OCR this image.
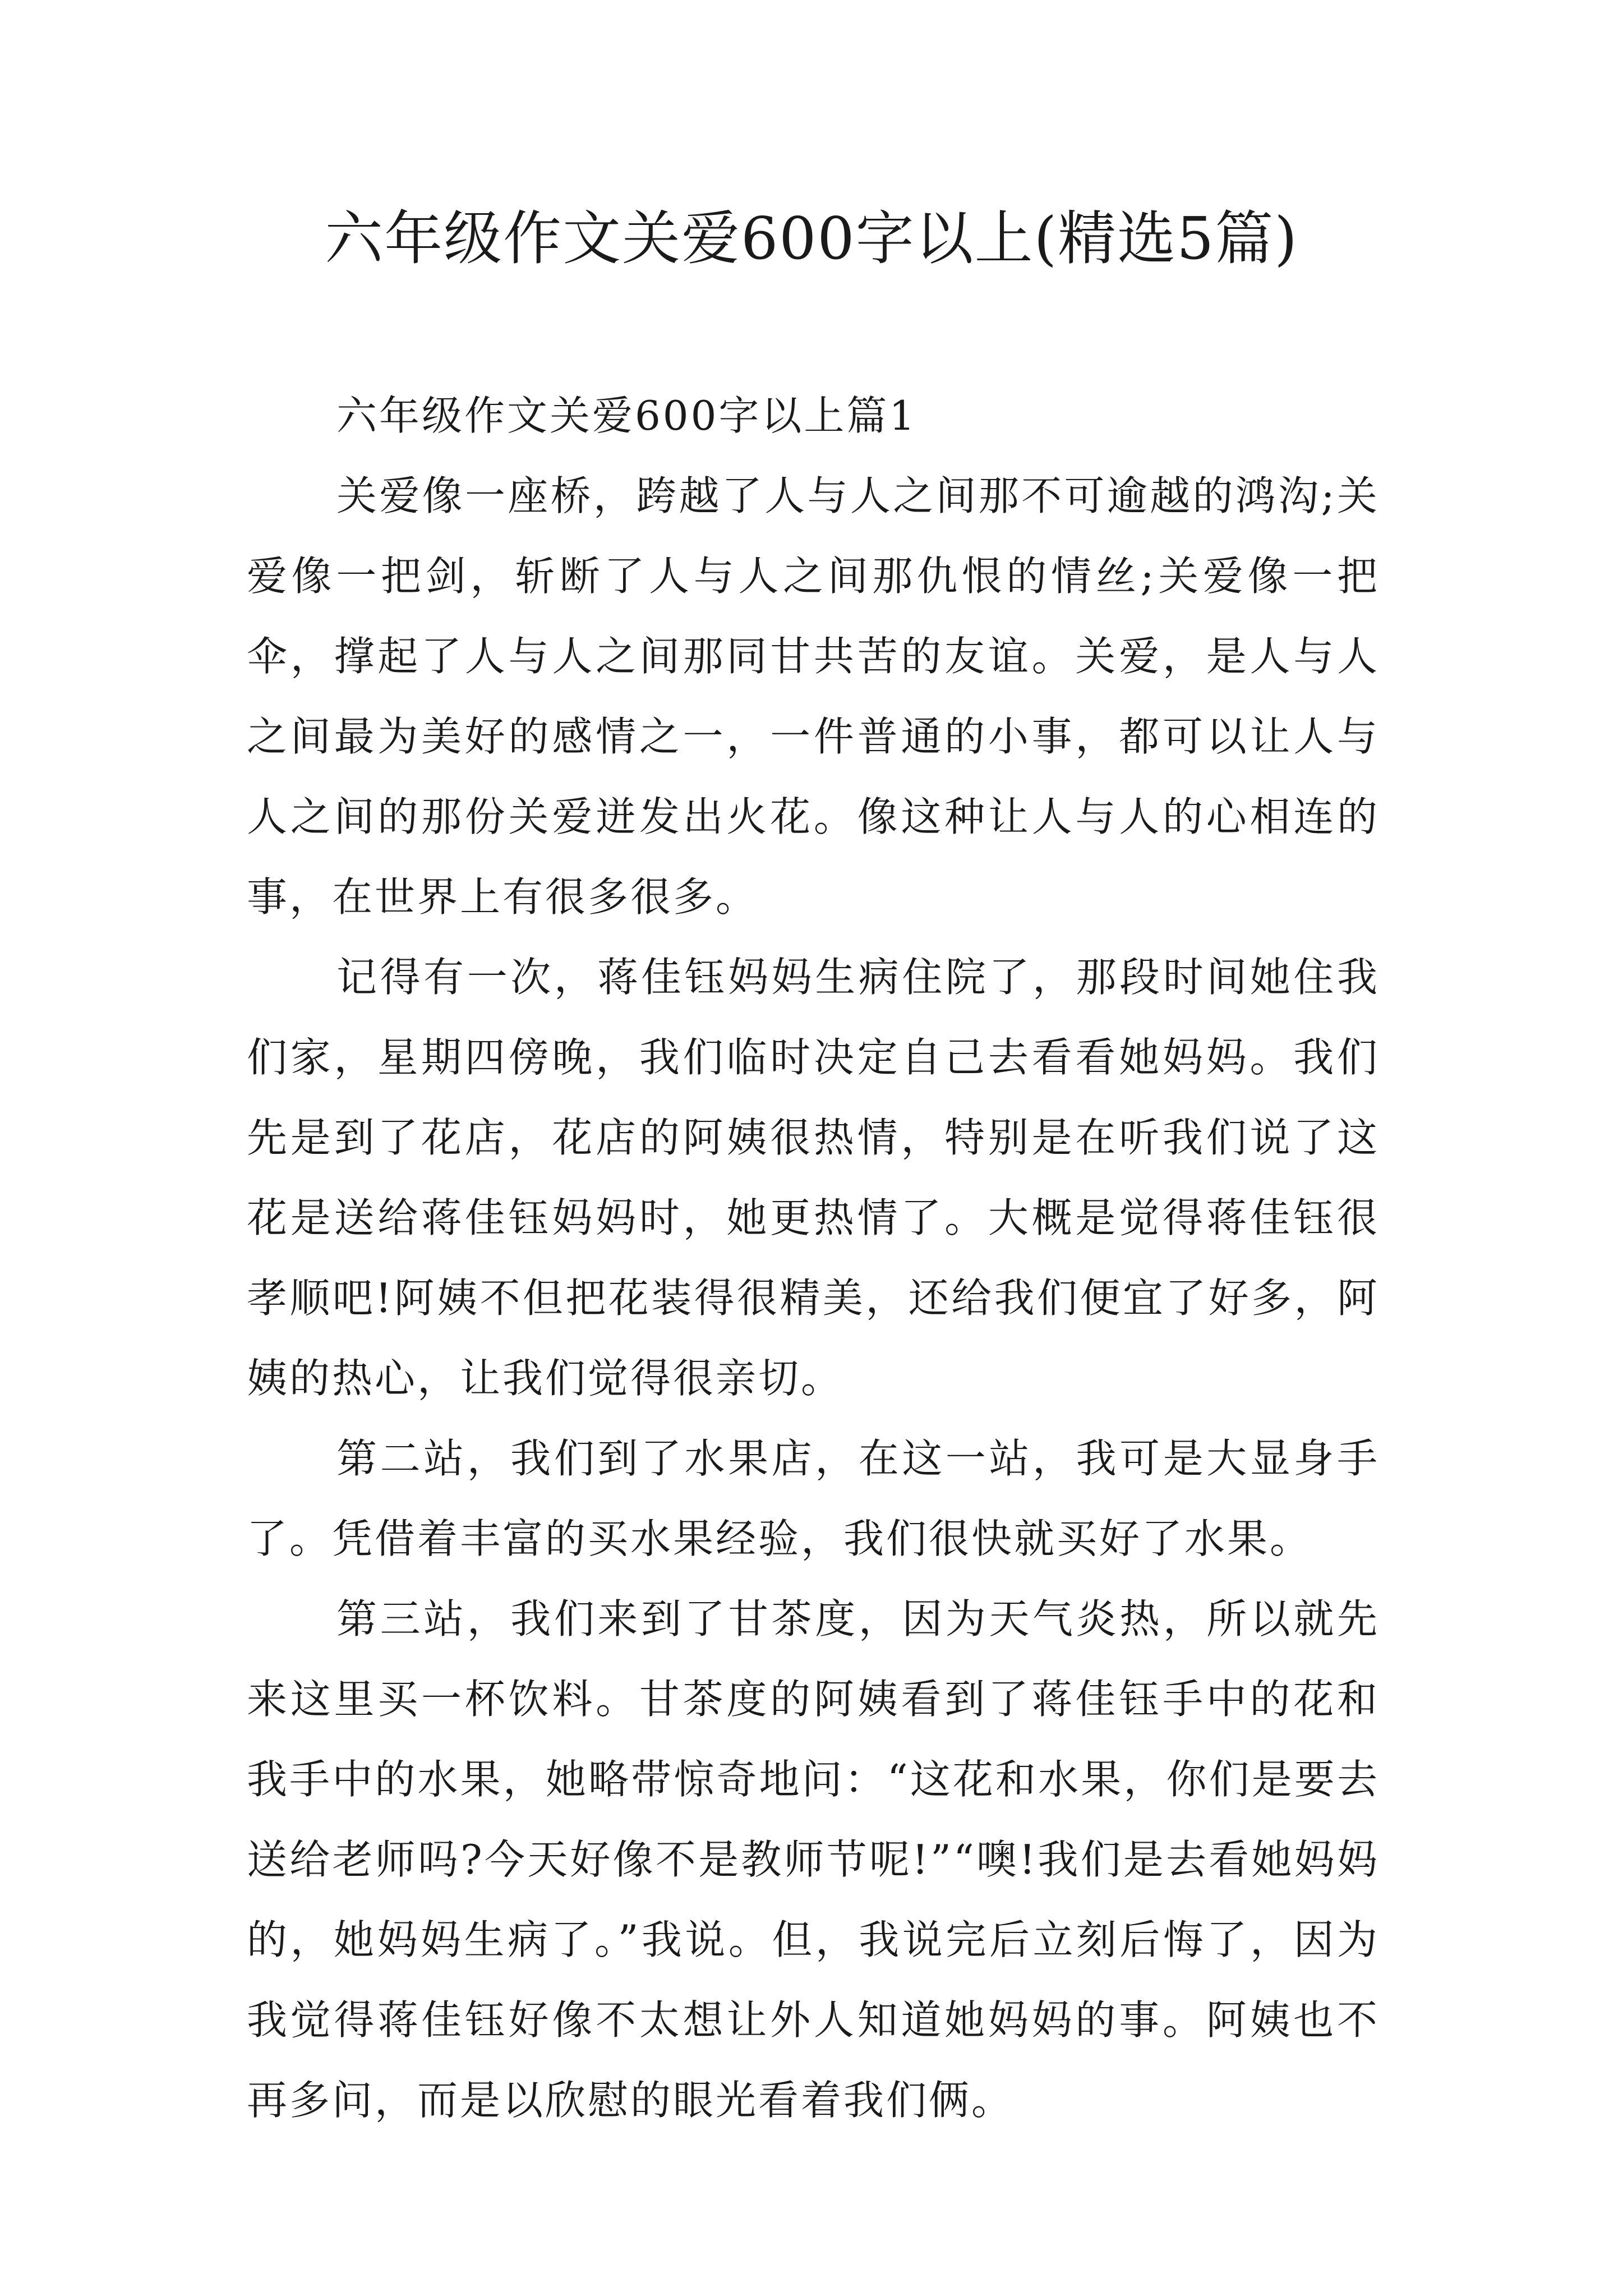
六年级作文关爱600字以上(精选5篇)

六年级作文关爱600字以上篇1

关爱像一座桥，跨越了人与人之间那不可逾越的鸿沟;关爱像一把剑，斩断了人与人之间那仇恨的情丝;关爱像一把伞，撑起了人与人之间那同甘共苦的友谊。关爱，是人与人之间最为美好的感情之一，一件普通的小事，都可以让人与人之间的那份关爱迸发出火花。像这种让人与人的心相连的事，在世界上有很多很多。

记得有一次，蒋佳钰妈妈生病住院了，那段时间她住我们家，星期四傍晚，我们临时决定自己去看看她妈妈。我们先是到了花店，花店的阿姨很热情，特别是在听我们说了这花是送给蒋佳钰妈妈时，她更热情了。大概是觉得蒋佳钰很孝顺吧!阿姨不但把花装得很精美，还给我们便宜了好多，阿姨的热心，让我们觉得很亲切。

第二站，我们到了水果店，在这一站，我可是大显身手了。凭借着丰富的买水果经验，我们很快就买好了水果。

第三站，我们来到了甘茶度，因为天气炎热，所以就先来这里买一杯饮料。甘茶度的阿姨看到了蒋佳钰手中的花和我手中的水果，她略带惊奇地问：“这花和水果，你们是要去送给老师吗?今天好像不是教师节呢!”“噢!我们是去看她妈妈的，她妈妈生病了。”我说。但，我说完后立刻后悔了，因为我觉得蒋佳钰好像不太想让外人知道她妈妈的事。阿姨也不再多问，而是以欣慰的眼光看着我们俩。
